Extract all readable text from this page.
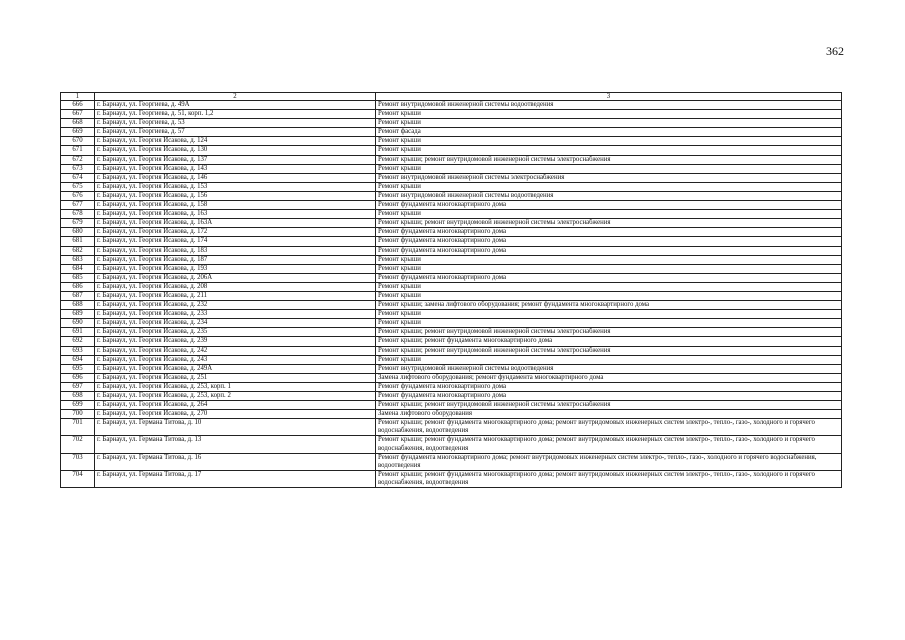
362
1	2	3
666	г. Барнаул, ул. Георгиева, д. 49А	Ремонт внутридомовой инженерной системы водоотведения
667	г. Барнаул, ул. Георгиева, д. 51, корп. 1,2	Ремонт крыши
668	г. Барнаул, ул. Георгиева, д. 53	Ремонт крыши
669	г. Барнаул, ул. Георгиева, д. 57	Ремонт фасада
670	г. Барнаул, ул. Георгия Исакова, д. 124	Ремонт крыши
671	г. Барнаул, ул. Георгия Исакова, д. 130	Ремонт крыши
672	г. Барнаул, ул. Георгия Исакова, д. 137	Ремонт крыши; ремонт внутридомовой инженерной системы электроснабжения
673	г. Барнаул, ул. Георгия Исакова, д. 143	Ремонт крыши
674	г. Барнаул, ул. Георгия Исакова, д. 146	Ремонт внутридомовой инженерной системы электроснабжения
675	г. Барнаул, ул. Георгия Исакова, д. 153	Ремонт крыши
676	г. Барнаул, ул. Георгия Исакова, д. 156	Ремонт внутридомовой инженерной системы водоотведения
677	г. Барнаул, ул. Георгия Исакова, д. 158	Ремонт фундамента многоквартирного дома
678	г. Барнаул, ул. Георгия Исакова, д. 163	Ремонт крыши
679	г. Барнаул, ул. Георгия Исакова, д. 163А	Ремонт крыши; ремонт внутридомовой инженерной системы электроснабжения
680	г. Барнаул, ул. Георгия Исакова, д. 172	Ремонт фундамента многоквартирного дома
681	г. Барнаул, ул. Георгия Исакова, д. 174	Ремонт фундамента многоквартирного дома
682	г. Барнаул, ул. Георгия Исакова, д. 183	Ремонт фундамента многоквартирного дома
683	г. Барнаул, ул. Георгия Исакова, д. 187	Ремонт крыши
684	г. Барнаул, ул. Георгия Исакова, д. 193	Ремонт крыши
685	г. Барнаул, ул. Георгия Исакова, д. 206А	Ремонт фундамента многоквартирного дома
686	г. Барнаул, ул. Георгия Исакова, д. 208	Ремонт крыши
687	г. Барнаул, ул. Георгия Исакова, д. 211	Ремонт крыши
688	г. Барнаул, ул. Георгия Исакова, д. 232	Ремонт крыши; замена лифтового оборудования; ремонт фундамента многоквартирного дома
689	г. Барнаул, ул. Георгия Исакова, д. 233	Ремонт крыши
690	г. Барнаул, ул. Георгия Исакова, д. 234	Ремонт крыши
691	г. Барнаул, ул. Георгия Исакова, д. 235	Ремонт крыши; ремонт внутридомовой инженерной системы электроснабжения
692	г. Барнаул, ул. Георгия Исакова, д. 239	Ремонт крыши; ремонт фундамента многоквартирного дома
693	г. Барнаул, ул. Георгия Исакова, д. 242	Ремонт крыши; ремонт внутридомовой инженерной системы электроснабжения
694	г. Барнаул, ул. Георгия Исакова, д. 243	Ремонт крыши
695	г. Барнаул, ул. Георгия Исакова, д. 249А	Ремонт внутридомовой инженерной системы водоотведения
696	г. Барнаул, ул. Георгия Исакова, д. 251	Замена лифтового оборудования; ремонт фундамента многоквартирного дома
697	г. Барнаул, ул. Георгия Исакова, д. 253, корп. 1	Ремонт фундамента многоквартирного дома
698	г. Барнаул, ул. Георгия Исакова, д. 253, корп. 2	Ремонт фундамента многоквартирного дома
699	г. Барнаул, ул. Георгия Исакова, д. 264	Ремонт крыши; ремонт внутридомовой инженерной системы электроснабжения
700	г. Барнаул, ул. Георгия Исакова, д. 270	Замена лифтового оборудования
701	г. Барнаул, ул. Германа Титова, д. 10	Ремонт крыши; ремонт фундамента многоквартирного дома; ремонт внутридомовых инженерных систем электро-, тепло-, газо-, холодного и горячего водоснабжения, водоотведения
702	г. Барнаул, ул. Германа Титова, д. 13	Ремонт крыши; ремонт фундамента многоквартирного дома; ремонт внутридомовых инженерных систем электро-, тепло-, газо-, холодного и горячего водоснабжения, водоотведения
703	г. Барнаул, ул. Германа Титова, д. 16	Ремонт фундамента многоквартирного дома; ремонт внутридомовых инженерных систем электро-, тепло-, газо-, холодного и горячего водоснабжения, водоотведения
704	г. Барнаул, ул. Германа Титова, д. 17	Ремонт крыши; ремонт фундамента многоквартирного дома; ремонт внутридомовых инженерных систем электро-, тепло-, газо-, холодного и горячего водоснабжения, водоотведения
